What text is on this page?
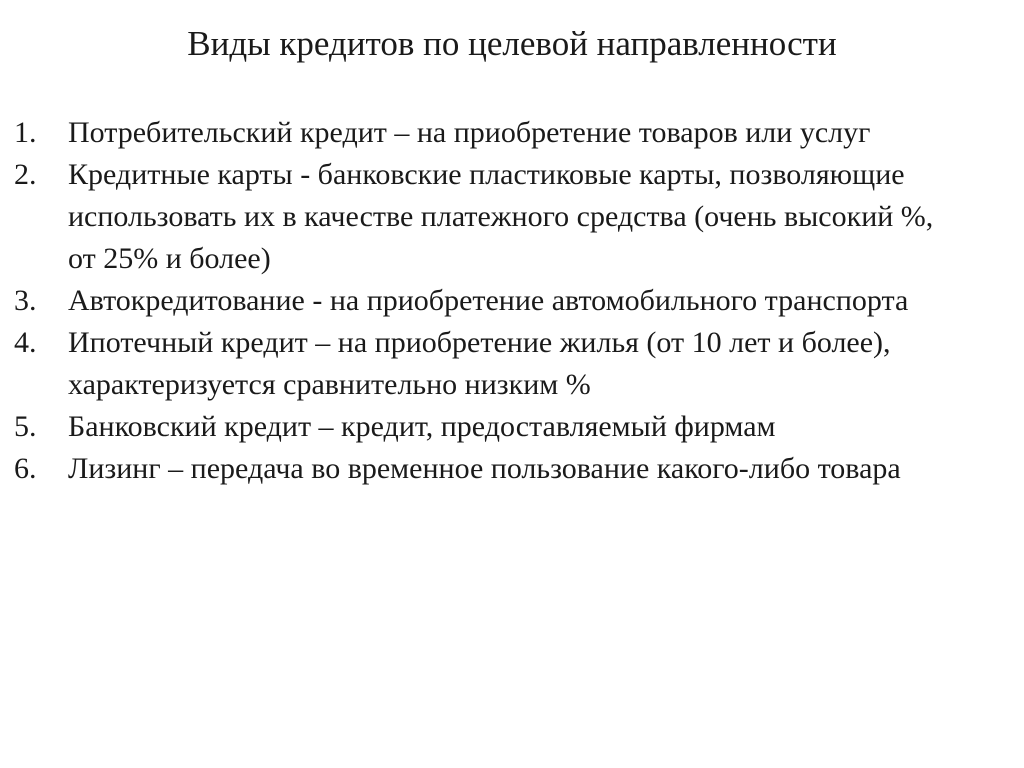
Виды кредитов по целевой направленности
1.	Потребительский кредит – на приобретение товаров или услуг
2.	Кредитные карты - банковские пластиковые карты, позволяющие использовать их в качестве платежного средства (очень высокий %, от 25% и более)
3.	Автокредитование - на приобретение автомобильного транспорта
4.	Ипотечный кредит – на приобретение жилья (от 10 лет и более), характеризуется сравнительно низким %
5.	Банковский кредит – кредит, предоставляемый фирмам
6.	Лизинг – передача во временное пользование какого-либо товара
